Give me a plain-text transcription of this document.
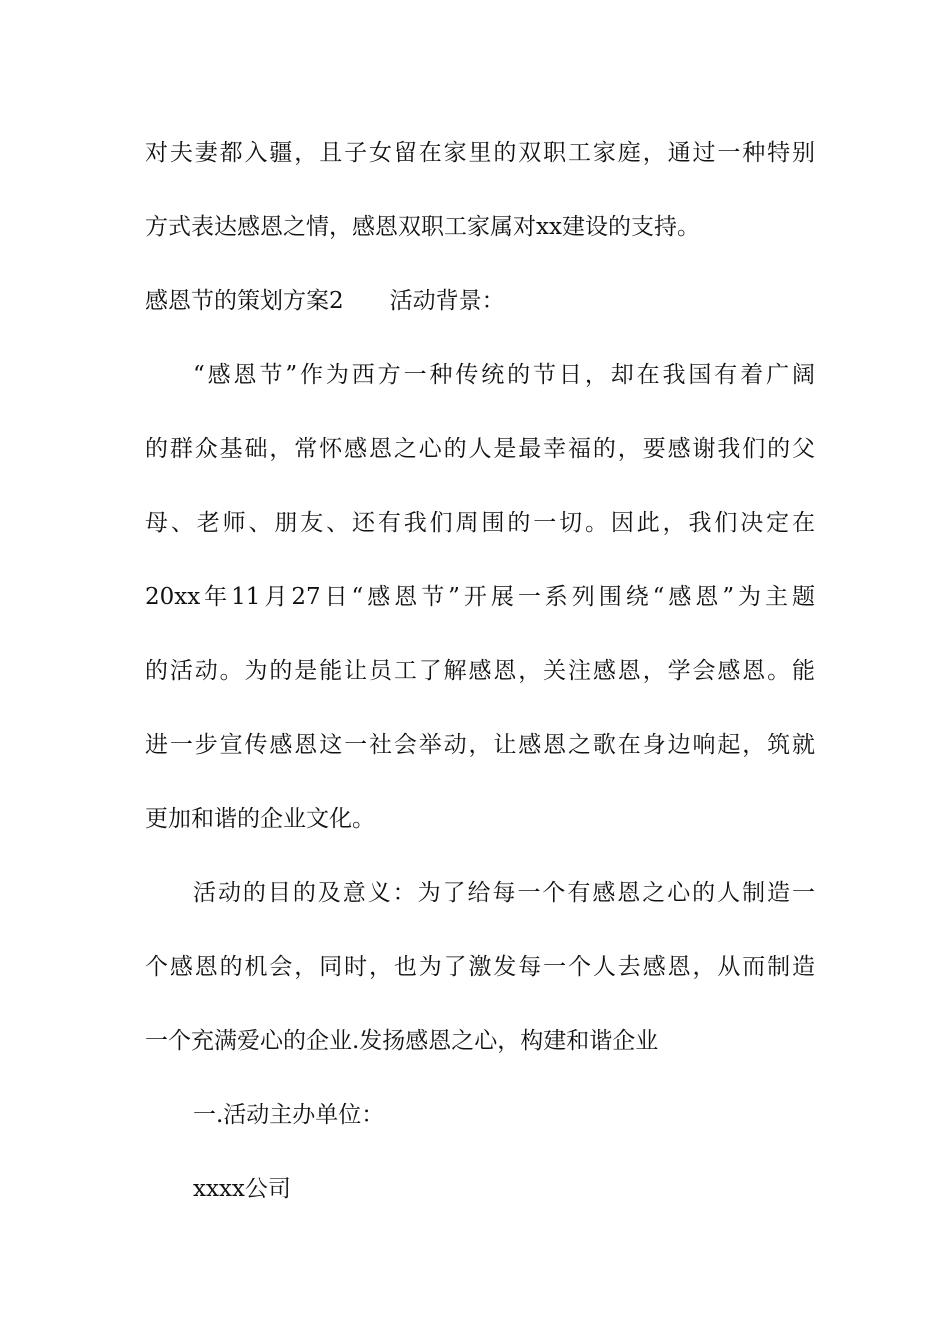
对夫妻都入疆，且子女留在家里的双职工家庭，通过一种特别
方式表达感恩之情，感恩双职工家属对xx建设的支持。
感恩节的策划方案2 活动背景：
“感恩节”作为西方一种传统的节日，却在我国有着广阔
的群众基础，常怀感恩之心的人是最幸福的，要感谢我们的父
母、老师、朋友、还有我们周围的一切。因此，我们决定在
20xx年11月27日“感恩节”开展一系列围绕“感恩”为主题
的活动。为的是能让员工了解感恩，关注感恩，学会感恩。能
进一步宣传感恩这一社会举动，让感恩之歌在身边响起，筑就
更加和谐的企业文化。
活动的目的及意义：为了给每一个有感恩之心的人制造一
个感恩的机会，同时，也为了激发每一个人去感恩，从而制造
一个充满爱心的企业.发扬感恩之心，构建和谐企业
一.活动主办单位：
xxxx公司
